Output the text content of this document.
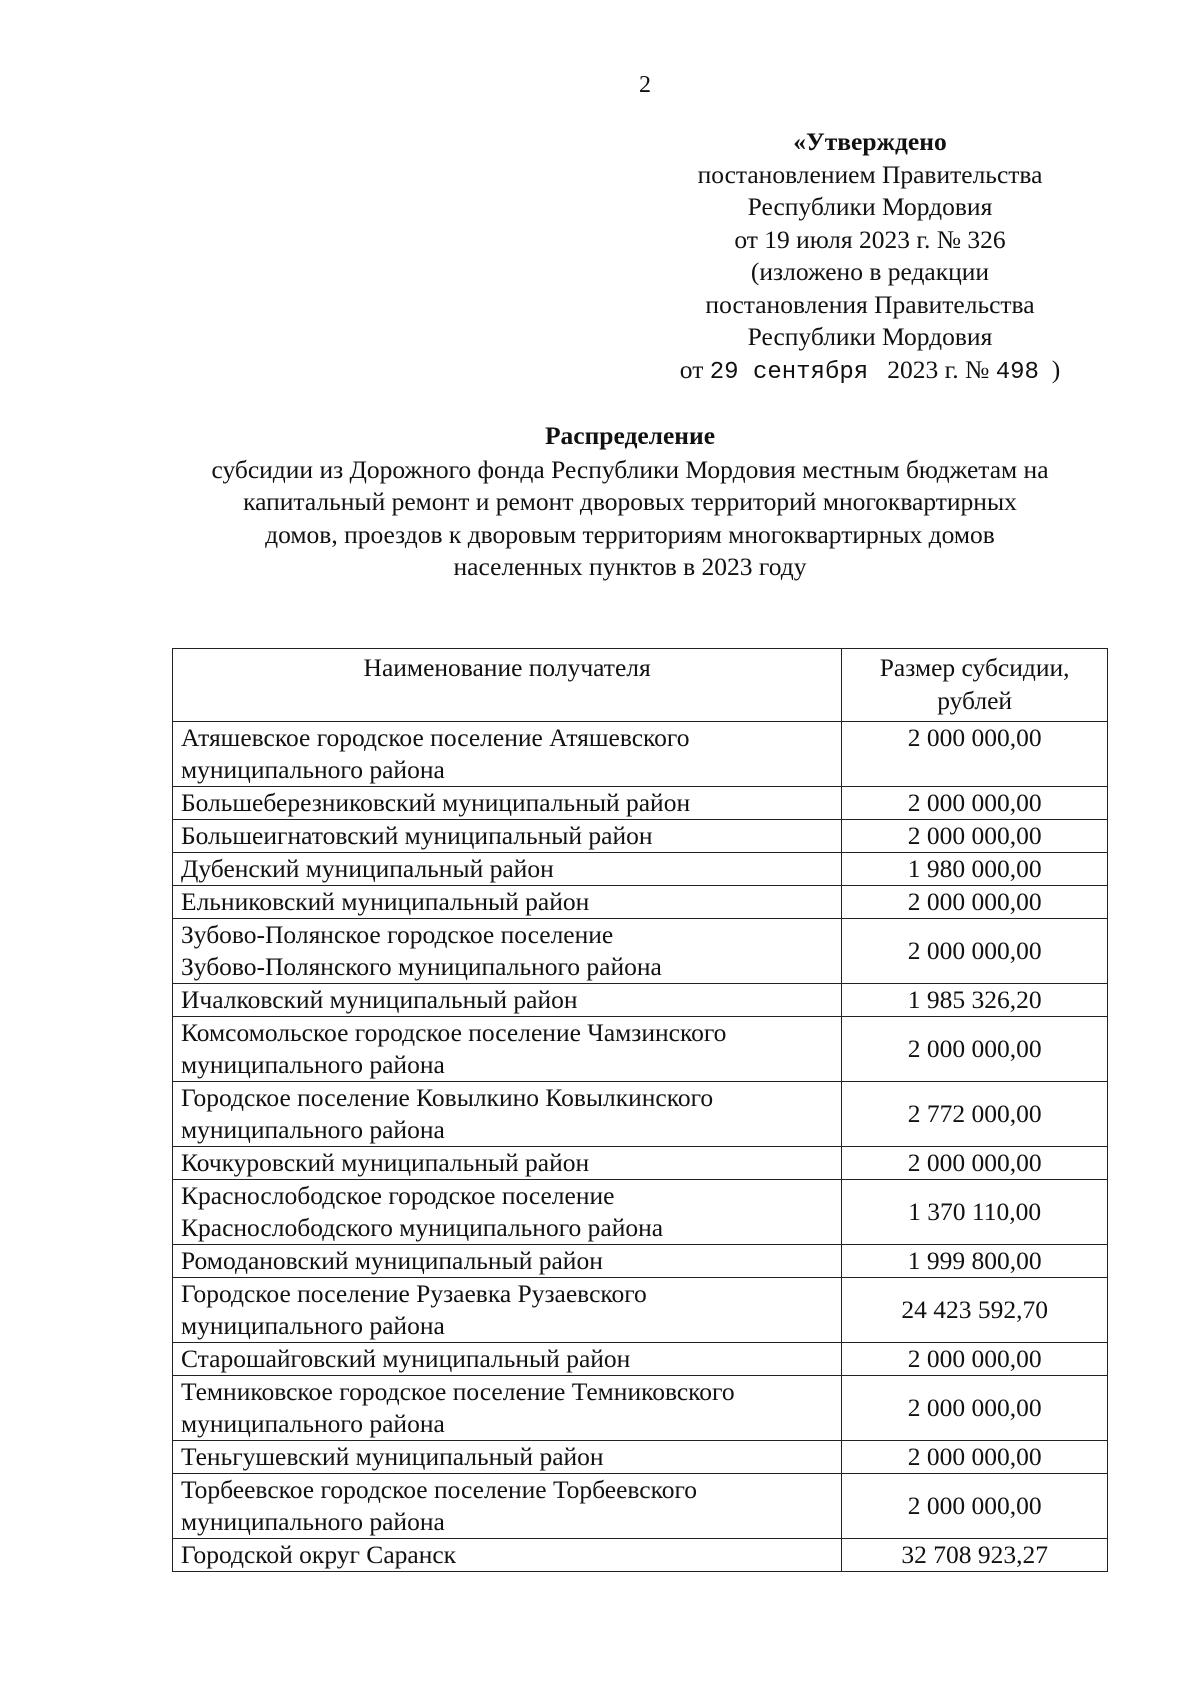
2
«Утверждено
постановлением Правительства
Республики Мордовия
от 19 июля 2023 г. № 326
(изложено в редакции
постановления Правительства
Республики Мордовия
от 29 сентября 2023 г. № 498 )
Распределение
субсидии из Дорожного фонда Республики Мордовия местным бюджетам на
капитальный ремонт и ремонт дворовых территорий многоквартирных
домов, проездов к дворовым территориям многоквартирных домов
населенных пунктов в 2023 году
Наименование получателя	Размер субсидии,
рублей

Атяшевское городское поселение Атяшевского
муниципального района	2 000 000,00

Большеберезниковский муниципальный район	2 000 000,00

Большеигнатовский муниципальный район	2 000 000,00

Дубенский муниципальный район	1 980 000,00

Ельниковский муниципальный район	2 000 000,00

Зубово-Полянское городское поселение
Зубово-Полянского муниципального района	2 000 000,00

Ичалковский муниципальный район	1 985 326,20

Комсомольское городское поселение Чамзинского
муниципального района	2 000 000,00

Городское поселение Ковылкино Ковылкинского
муниципального района	2 772 000,00

Кочкуровский муниципальный район	2 000 000,00

Краснослободское городское поселение
Краснослободского муниципального района	1 370 110,00

Ромодановский муниципальный район	1 999 800,00

Городское поселение Рузаевка Рузаевского
муниципального района	24 423 592,70

Старошайговский муниципальный район	2 000 000,00

Темниковское городское поселение Темниковского
муниципального района	2 000 000,00

Теньгушевский муниципальный район	2 000 000,00

Торбеевское городское поселение Торбеевского
муниципального района	2 000 000,00

Городской округ Саранск	32 708 923,27
